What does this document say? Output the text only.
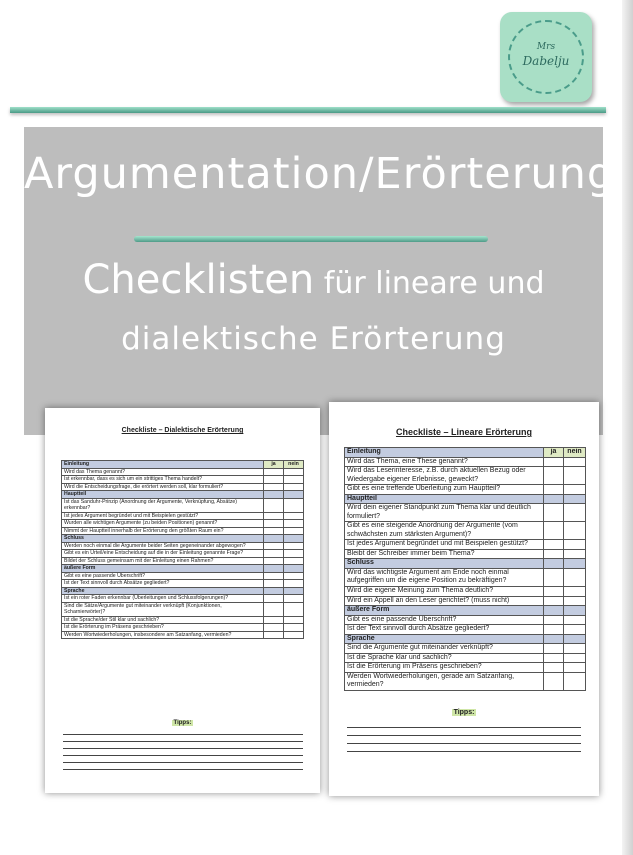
Mrs
Dabelju
Argumentation/Erörterung
Checklisten für lineare und
dialektische Erörterung
Checkliste – Dialektische Erörterung
Einleitung	ja	nein
Wird das Thema genannt?		
Ist erkennbar, dass es sich um ein strittiges Thema handelt?		
Wird die Entscheidungsfrage, die erörtert werden soll, klar formuliert?		
Hauptteil		
Ist das Sanduhr-Prinzip (Anordnung der Argumente, Verknüpfung, Absätze) erkennbar?		
Ist jedes Argument begründet und mit Beispielen gestützt?		
Wurden alle wichtigen Argumente (zu beiden Positionen) genannt?		
Nimmt der Hauptteil innerhalb der Erörterung den größten Raum ein?		
Schluss		
Werden noch einmal die Argumente beider Seiten gegeneinander abgewogen?		
Gibt es ein Urteil/eine Entscheidung auf die in der Einleitung genannte Frage?		
Bildet der Schluss gemeinsam mit der Einleitung einen Rahmen?		
äußere Form		
Gibt es eine passende Überschrift?		
Ist der Text sinnvoll durch Absätze gegliedert?		
Sprache		
Ist ein roter Faden erkennbar (Überleitungen und Schlussfolgerungen)?		
Sind die Sätze/Argumente gut miteinander verknüpft (Konjunktionen, Scharnierwörter)?		
Ist die Sprache/der Stil klar und sachlich?		
Ist die Erörterung im Präsens geschrieben?		
Werden Wortwiederholungen, insbesondere am Satzanfang, vermieden?		
Tipps:
Checkliste – Lineare Erörterung
Einleitung	ja	nein
Wird das Thema, eine These genannt?		
Wird das Leserinteresse, z.B. durch aktuellen Bezug oder Wiedergabe eigener Erlebnisse, geweckt?		
Gibt es eine treffende Überleitung zum Hauptteil?		
Hauptteil		
Wird dein eigener Standpunkt zum Thema klar und deutlich formuliert?		
Gibt es eine steigende Anordnung der Argumente (vom schwächsten zum stärksten Argument)?		
Ist jedes Argument begründet und mit Beispielen gestützt?		
Bleibt der Schreiber immer beim Thema?		
Schluss		
Wird das wichtigste Argument am Ende noch einmal aufgegriffen um die eigene Position zu bekräftigen?		
Wird die eigene Meinung zum Thema deutlich?		
Wird ein Appell an den Leser gerichtet? (muss nicht)		
äußere Form		
Gibt es eine passende Überschrift?		
Ist der Text sinnvoll durch Absätze gegliedert?		
Sprache		
Sind die Argumente gut miteinander verknüpft?		
Ist die Sprache klar und sachlich?		
Ist die Erörterung im Präsens geschrieben?		
Werden Wortwiederholungen, gerade am Satzanfang, vermieden?		
Tipps:
